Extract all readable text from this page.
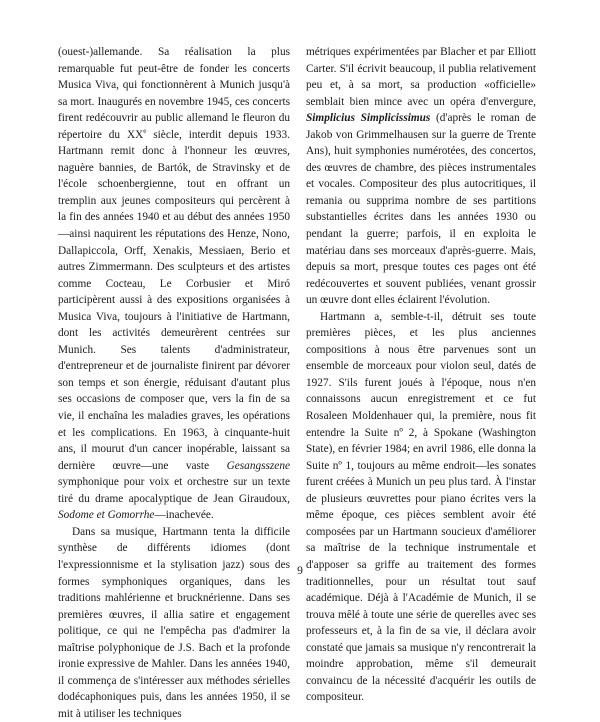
(ouest-)allemande. Sa réalisation la plus remarquable fut peut-être de fonder les concerts Musica Viva, qui fonctionnèrent à Munich jusqu'à sa mort. Inaugurés en novembre 1945, ces concerts firent redécouvrir au public allemand le fleuron du répertoire du XXe siècle, interdit depuis 1933. Hartmann remit donc à l'honneur les œuvres, naguère bannies, de Bartók, de Stravinsky et de l'école schoenbergienne, tout en offrant un tremplin aux jeunes compositeurs qui percèrent à la fin des années 1940 et au début des années 1950—ainsi naquirent les réputations des Henze, Nono, Dallapiccola, Orff, Xenakis, Messiaen, Berio et autres Zimmermann. Des sculpteurs et des artistes comme Cocteau, Le Corbusier et Miró participèrent aussi à des expositions organisées à Musica Viva, toujours à l'initiative de Hartmann, dont les activités demeurèrent centrées sur Munich. Ses talents d'administrateur, d'entrepreneur et de journaliste finirent par dévorer son temps et son énergie, réduisant d'autant plus ses occasions de composer que, vers la fin de sa vie, il enchaîna les maladies graves, les opérations et les complications. En 1963, à cinquante-huit ans, il mourut d'un cancer inopérable, laissant sa dernière œuvre—une vaste Gesangsszene symphonique pour voix et orchestre sur un texte tiré du drame apocalyptique de Jean Giraudoux, Sodome et Gomorrhe—inachevée.

Dans sa musique, Hartmann tenta la difficile synthèse de différents idiomes (dont l'expressionnisme et la stylisation jazz) sous des formes symphoniques organiques, dans les traditions mahlérienne et brucknérienne. Dans ses premières œuvres, il allia satire et engagement politique, ce qui ne l'empêcha pas d'admirer la maîtrise polyphonique de J.S. Bach et la profonde ironie expressive de Mahler. Dans les années 1940, il commença de s'intéresser aux méthodes sérielles dodécaphoniques puis, dans les années 1950, il se mit à utiliser les techniques

métriques expérimentées par Blacher et par Elliott Carter. S'il écrivit beaucoup, il publia relativement peu et, à sa mort, sa production «officielle» semblait bien mince avec un opéra d'envergure, Simplicius Simplicissimus (d'après le roman de Jakob von Grimmelhausen sur la guerre de Trente Ans), huit symphonies numérotées, des concertos, des œuvres de chambre, des pièces instrumentales et vocales. Compositeur des plus autocritiques, il remania ou supprima nombre de ses partitions substantielles écrites dans les années 1930 ou pendant la guerre; parfois, il en exploita le matériau dans ses morceaux d'après-guerre. Mais, depuis sa mort, presque toutes ces pages ont été redécouvertes et souvent publiées, venant grossir un œuvre dont elles éclairent l'évolution.

Hartmann a, semble-t-il, détruit ses toute premières pièces, et les plus anciennes compositions à nous être parvenues sont un ensemble de morceaux pour violon seul, datés de 1927. S'ils furent joués à l'époque, nous n'en connaissons aucun enregistrement et ce fut Rosaleen Moldenhauer qui, la première, nous fit entendre la Suite nº 2, à Spokane (Washington State), en février 1984; en avril 1986, elle donna la Suite nº 1, toujours au même endroit—les sonates furent créées à Munich un peu plus tard. À l'instar de plusieurs œuvrettes pour piano écrites vers la même époque, ces pièces semblent avoir été composées par un Hartmann soucieux d'améliorer sa maîtrise de la technique instrumentale et d'apposer sa griffe au traitement des formes traditionnelles, pour un résultat tout sauf académique. Déjà à l'Académie de Munich, il se trouva mêlé à toute une série de querelles avec ses professeurs et, à la fin de sa vie, il déclara avoir constaté que jamais sa musique n'y rencontrerait la moindre approbation, même s'il demeurait convaincu de la nécessité d'acquérir les outils de compositeur.

9
